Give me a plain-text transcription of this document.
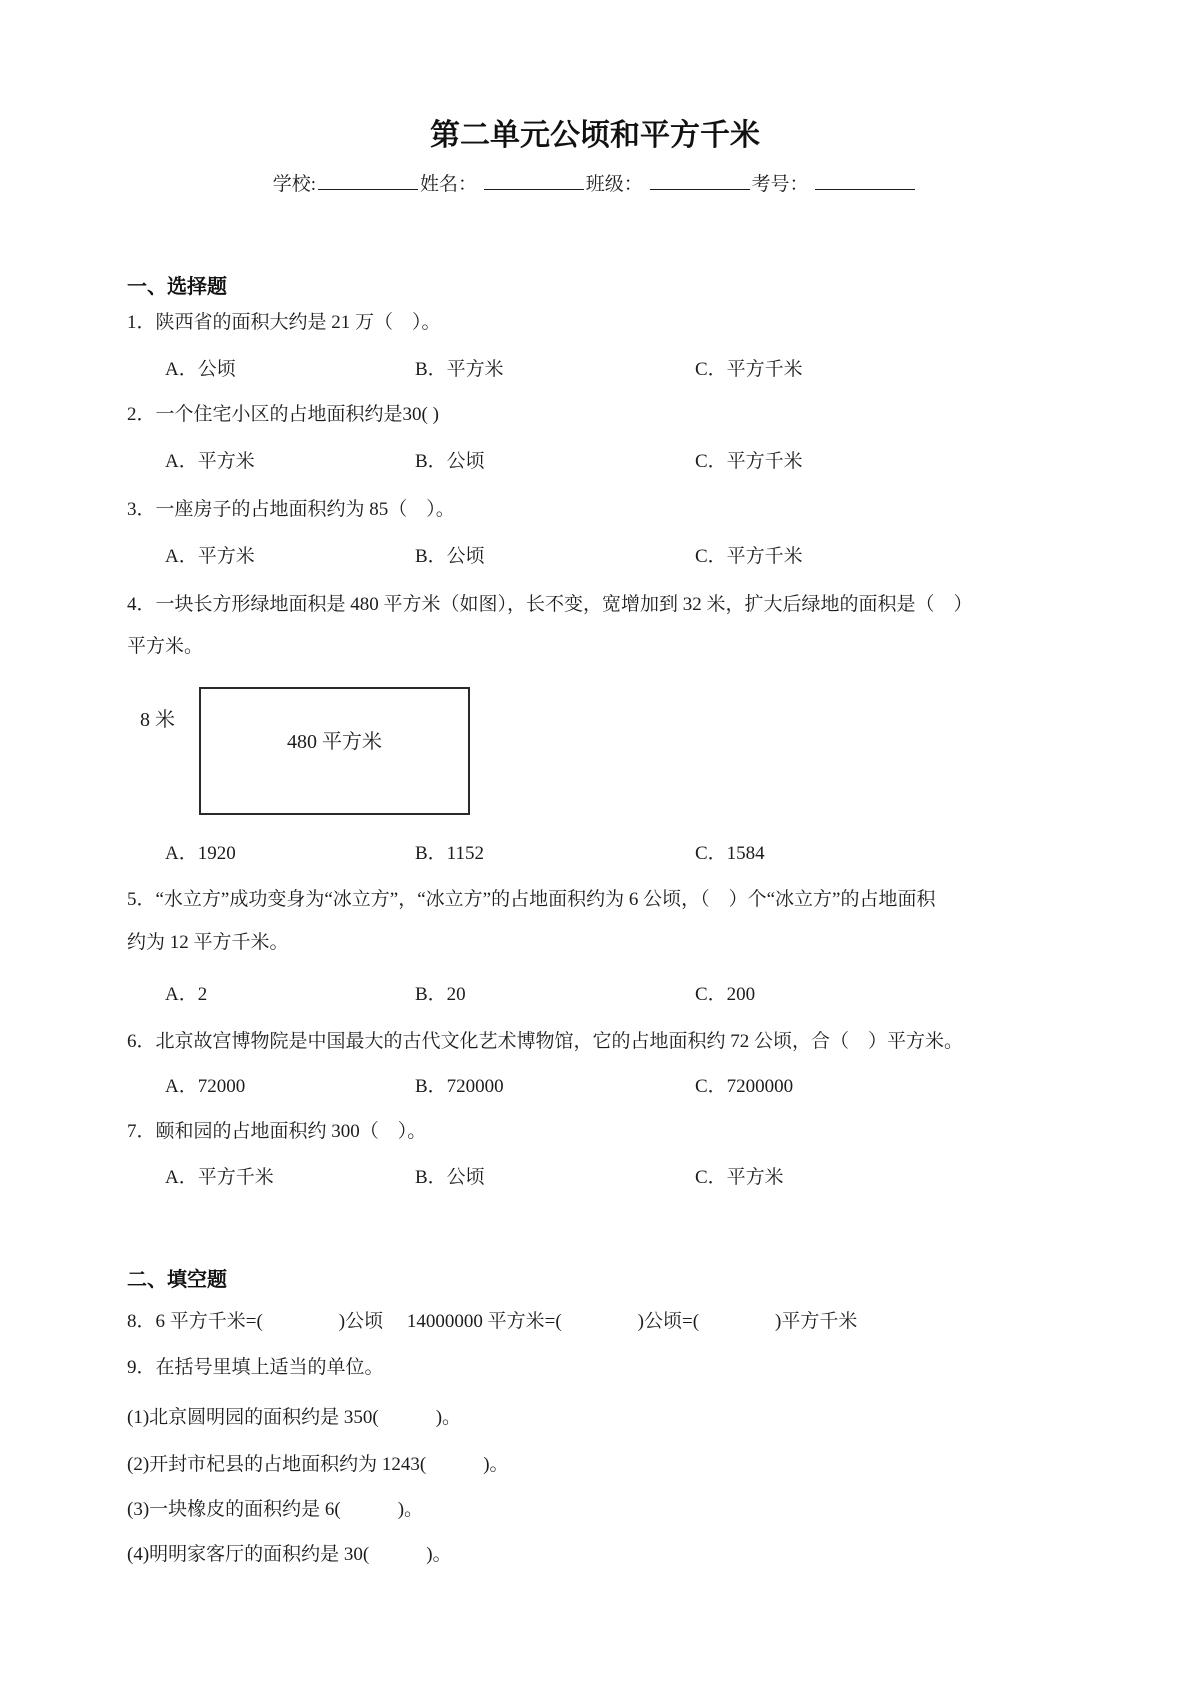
第二单元公顷和平方千米
学校:	姓名：	班级：	考号：
一、选择题
1．陕西省的面积大约是 21 万（　）。
A．公顷	B．平方米	C．平方千米
2．一个住宅小区的占地面积约是30( )
A．平方米	B．公顷	C．平方千米
3．一座房子的占地面积约为 85（　）。
A．平方米	B．公顷	C．平方千米
4．一块长方形绿地面积是 480 平方米（如图），长不变，宽增加到 32 米，扩大后绿地的面积是（　）
平方米。
8 米
480 平方米
A．1920	B．1152	C．1584
5．“水立方”成功变身为“冰立方”，“冰立方”的占地面积约为 6 公顷，（　）个“冰立方”的占地面积
约为 12 平方千米。
A．2	B．20	C．200
6．北京故宫博物院是中国最大的古代文化艺术博物馆，它的占地面积约 72 公顷，合（　）平方米。
A．72000	B．720000	C．7200000
7．颐和园的占地面积约 300（　）。
A．平方千米	B．公顷	C．平方米
二、填空题
8．6 平方千米=(　　　　)公顷　 14000000 平方米=(　　　　)公顷=(　　　　)平方千米
9．在括号里填上适当的单位。
(1)北京圆明园的面积约是 350(　　　)。
(2)开封市杞县的占地面积约为 1243(　　　)。
(3)一块橡皮的面积约是 6(　　　)。
(4)明明家客厅的面积约是 30(　　　)。
